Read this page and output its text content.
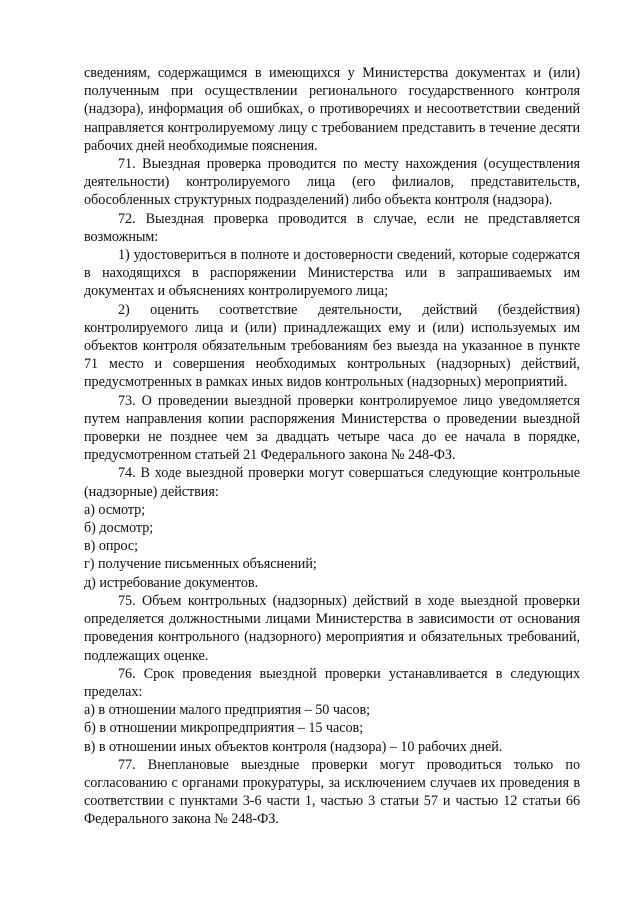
сведениям, содержащимся в имеющихся у Министерства документах и (или) полученным при осуществлении регионального государственного контроля (надзора), информация об ошибках, о противоречиях и несоответствии сведений направляется контролируемому лицу с требованием представить в течение десяти рабочих дней необходимые пояснения.

71. Выездная проверка проводится по месту нахождения (осуществления деятельности) контролируемого лица (его филиалов, представительств, обособленных структурных подразделений) либо объекта контроля (надзора).

72. Выездная проверка проводится в случае, если не представляется возможным:

1) удостовериться в полноте и достоверности сведений, которые содержатся в находящихся в распоряжении Министерства или в запрашиваемых им документах и объяснениях контролируемого лица;

2) оценить соответствие деятельности, действий (бездействия) контролируемого лица и (или) принадлежащих ему и (или) используемых им объектов контроля обязательным требованиям без выезда на указанное в пункте 71 место и совершения необходимых контрольных (надзорных) действий, предусмотренных в рамках иных видов контрольных (надзорных) мероприятий.

73. О проведении выездной проверки контролируемое лицо уведомляется путем направления копии распоряжения Министерства о проведении выездной проверки не позднее чем за двадцать четыре часа до ее начала в порядке, предусмотренном статьей 21 Федерального закона № 248-ФЗ.

74. В ходе выездной проверки могут совершаться следующие контрольные (надзорные) действия:

а) осмотр;

б) досмотр;

в) опрос;

г) получение письменных объяснений;

д) истребование документов.

75. Объем контрольных (надзорных) действий в ходе выездной проверки определяется должностными лицами Министерства в зависимости от основания проведения контрольного (надзорного) мероприятия и обязательных требований, подлежащих оценке.

76. Срок проведения выездной проверки устанавливается в следующих пределах:

а) в отношении малого предприятия – 50 часов;

б) в отношении микропредприятия – 15 часов;

в) в отношении иных объектов контроля (надзора) – 10 рабочих дней.

77. Внеплановые выездные проверки могут проводиться только по согласованию с органами прокуратуры, за исключением случаев их проведения в соответствии с пунктами 3-6 части 1, частью 3 статьи 57 и частью 12 статьи 66 Федерального закона № 248-ФЗ.
